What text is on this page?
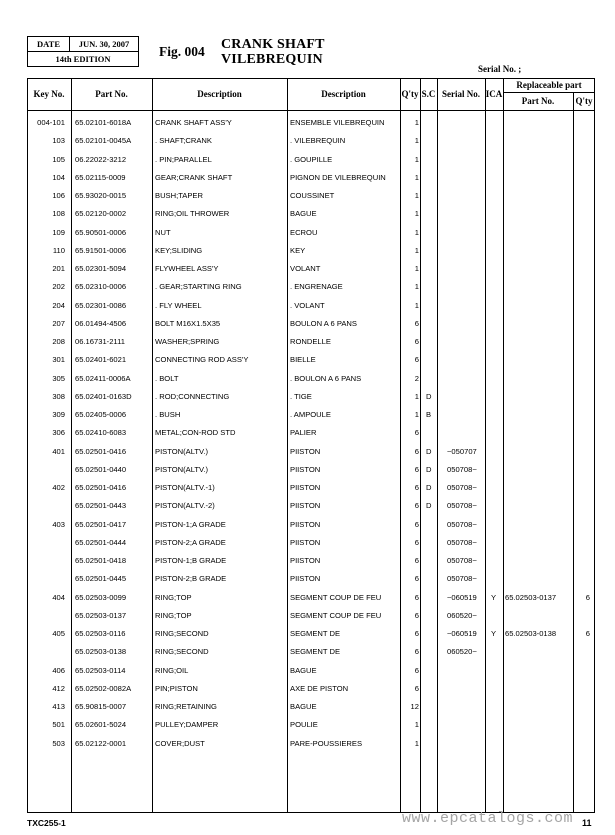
DATE	JUN. 30, 2007
14th EDITION	Fig. 004 CRANK SHAFT
VILEBREQUIN
Serial No. ;
Key No.	Part No.	Description	Description	Q'ty S.C Serial No. ICA
Replaceable part
Part No.	Q'ty
004-101 65.02101-6018A	CRANK SHAFT ASS'Y	ENSEMBLE VILEBREQUIN	1
103 65.02101-0045A	. SHAFT;CRANK	. VILEBREQUIN	1
105 06.22022-3212	. PIN;PARALLEL	. GOUPILLE	1
104 65.02115-0009	GEAR;CRANK SHAFT	PIGNON DE VILEBREQUIN	1
106 65.93020-0015	BUSH;TAPER	COUSSINET	1
108 65.02120-0002	RING;OIL THROWER	BAGUE	1
109 65.90501-0006	NUT	ECROU	1
110 65.91501-0006	KEY;SLIDING	KEY	1
201 65.02301-5094	FLYWHEEL ASS'Y	VOLANT	1
202 65.02310-0006	. GEAR;STARTING RING	. ENGRENAGE	1
204 65.02301-0086	. FLY WHEEL	. VOLANT	1
207 06.01494-4506	BOLT M16X1.5X35	BOULON A 6 PANS	6
208 06.16731-2111	WASHER;SPRING	RONDELLE	6
301 65.02401-6021	CONNECTING ROD ASS'Y	BIELLE	6
305 65.02411-0006A	. BOLT	. BOULON A 6 PANS	2
308 65.02401-0163D	. ROD;CONNECTING	. TIGE	1 D
309 65.02405-0006	. BUSH	. AMPOULE	1 B
306 65.02410-6083	METAL;CON-ROD STD	PALIER	6
401 65.02501-0416	PISTON(ALTV.)	PIISTON	6 D ~050707
65.02501-0440	PISTON(ALTV.)	PIISTON	6 D 050708~
402 65.02501-0416	PISTON(ALTV.-1)	PIISTON	6 D 050708~
65.02501-0443	PISTON(ALTV.-2)	PIISTON	6 D 050708~
403 65.02501-0417	PISTON-1;A GRADE	PIISTON	6	050708~
65.02501-0444	PISTON-2;A GRADE	PIISTON	6	050708~
65.02501-0418	PISTON-1;B GRADE	PIISTON	6	050708~
65.02501-0445	PISTON-2;B GRADE	PIISTON	6	050708~
404 65.02503-0099	RING;TOP	SEGMENT COUP DE FEU	6	~060519 Y 65.02503-0137	6
65.02503-0137	RING;TOP	SEGMENT COUP DE FEU	6	060520~
405 65.02503-0116	RING;SECOND	SEGMENT DE	6	~060519 Y 65.02503-0138	6
65.02503-0138	RING;SECOND	SEGMENT DE	6	060520~
406 65.02503-0114	RING;OIL	BAGUE	6
412 65.02502-0082A	PIN;PISTON	AXE DE PISTON	6
413 65.90815-0007	RING;RETAINING	BAGUE	12
501 65.02601-5024	PULLEY;DAMPER	POULIE	1
503 65.02122-0001	COVER;DUST	PARE-POUSSIERES	1
TXC255-1	www.epcatalogs.com 11
